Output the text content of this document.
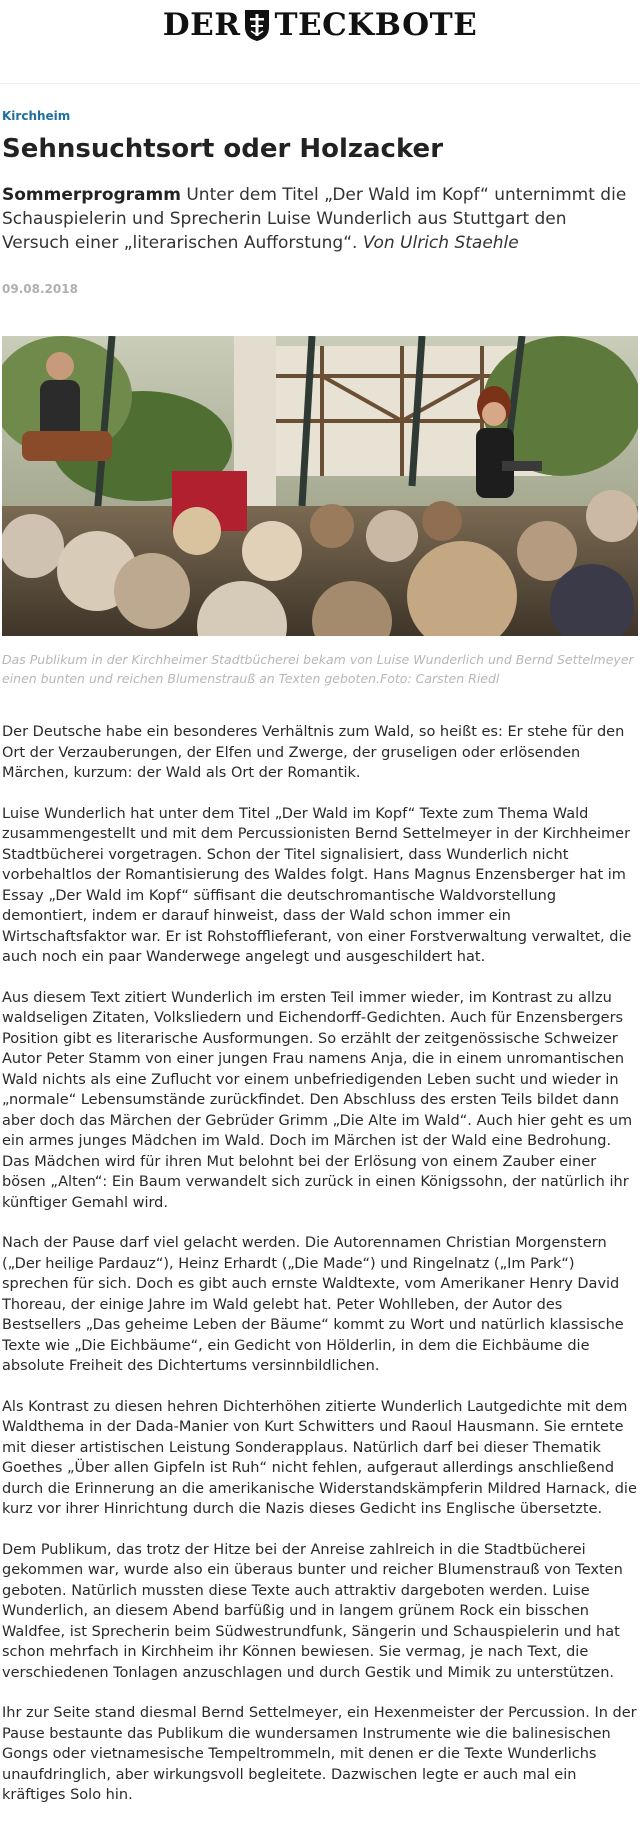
DER TECKBOTE
Kirchheim
Sehnsuchtsort oder Holzacker
Sommerprogramm Unter dem Titel „Der Wald im Kopf“ unternimmt die Schauspielerin und Sprecherin Luise Wunderlich aus Stuttgart den Versuch einer „literarischen Aufforstung“. Von Ulrich Staehle
09.08.2018
Das Publikum in der Kirchheimer Stadtbücherei bekam von Luise Wunderlich und Bernd Settelmeyer einen bunten und reichen Blumenstrauß an Texten geboten.Foto: Carsten Riedl

Der Deutsche habe ein besonderes Verhältnis zum Wald, so heißt es: Er stehe für den Ort der Verzauberungen, der Elfen und Zwerge, der gruseligen oder erlösenden Märchen, kurzum: der Wald als Ort der Romantik.

Luise Wunderlich hat unter dem Titel „Der Wald im Kopf“ Texte zum Thema Wald zusammengestellt und mit dem Percussionisten Bernd Settelmeyer in der Kirchheimer Stadtbücherei vorgetragen. Schon der Titel signalisiert, dass Wunderlich nicht vorbehaltlos der Romantisierung des Waldes folgt. Hans Magnus Enzensberger hat im Essay „Der Wald im Kopf“ süffisant die deutschromantische Waldvorstellung demontiert, indem er darauf hinweist, dass der Wald schon immer ein Wirtschaftsfaktor war. Er ist Rohstofflieferant, von einer Forstverwaltung verwaltet, die auch noch ein paar Wanderwege angelegt und ausgeschildert hat.

Aus diesem Text zitiert Wunderlich im ersten Teil immer wieder, im Kontrast zu allzu waldseligen Zitaten, Volksliedern und Eichendorff-Gedichten. Auch für Enzensbergers Position gibt es literarische Ausformungen. So erzählt der zeitgenössische Schweizer Autor Peter Stamm von einer jungen Frau namens Anja, die in einem unromantischen Wald nichts als eine Zuflucht vor einem unbefriedigenden Leben sucht und wieder in „normale“ Lebensumstände zurückfindet. Den Abschluss des ersten Teils bildet dann aber doch das Märchen der Gebrüder Grimm „Die Alte im Wald“. Auch hier geht es um ein armes junges Mädchen im Wald. Doch im Märchen ist der Wald eine Bedrohung. Das Mädchen wird für ihren Mut belohnt bei der Erlösung von einem Zauber einer bösen „Alten“: Ein Baum verwandelt sich zurück in einen Königssohn, der natürlich ihr künftiger Gemahl wird.

Nach der Pause darf viel gelacht werden. Die Autorennamen Christian Morgenstern („Der heilige Pardauz“), Heinz Erhardt („Die Made“) und Ringelnatz („Im Park“) sprechen für sich. Doch es gibt auch ernste Waldtexte, vom Amerikaner Henry David Thoreau, der einige Jahre im Wald gelebt hat. Peter Wohlleben, der Autor des Bestsellers „Das geheime Leben der Bäume“ kommt zu Wort und natürlich klassische Texte wie „Die Eichbäume“, ein Gedicht von Hölderlin, in dem die Eichbäume die absolute Freiheit des Dichtertums versinnbildlichen.

Als Kontrast zu diesen hehren Dichterhöhen zitierte Wunderlich Lautgedichte mit dem Waldthema in der Dada-Manier von Kurt Schwitters und Raoul Hausmann. Sie erntete mit dieser artistischen Leistung Sonderapplaus. Natürlich darf bei dieser Thematik Goethes „Über allen Gipfeln ist Ruh“ nicht fehlen, aufgeraut allerdings anschließend durch die Erinnerung an die amerikanische Widerstandskämpferin Mildred Harnack, die kurz vor ihrer Hinrichtung durch die Nazis dieses Gedicht ins Englische übersetzte.

Dem Publikum, das trotz der Hitze bei der Anreise zahlreich in die Stadtbücherei gekommen war, wurde also ein überaus bunter und reicher Blumenstrauß von Texten geboten. Natürlich mussten diese Texte auch attraktiv dargeboten werden. Luise Wunderlich, an diesem Abend barfüßig und in langem grünem Rock ein bisschen Waldfee, ist Sprecherin beim Südwestrundfunk, Sängerin und Schauspielerin und hat schon mehrfach in Kirchheim ihr Können bewiesen. Sie vermag, je nach Text, die verschiedenen Tonlagen anzuschlagen und durch Gestik und Mimik zu unterstützen.

Ihr zur Seite stand diesmal Bernd Settelmeyer, ein Hexenmeister der Percussion. In der Pause bestaunte das Publikum die wundersamen Instrumente wie die balinesischen Gongs oder vietnamesische Tempeltrommeln, mit denen er die Texte Wunderlichs unaufdringlich, aber wirkungsvoll begleitete. Dazwischen legte er auch mal ein kräftiges Solo hin.
